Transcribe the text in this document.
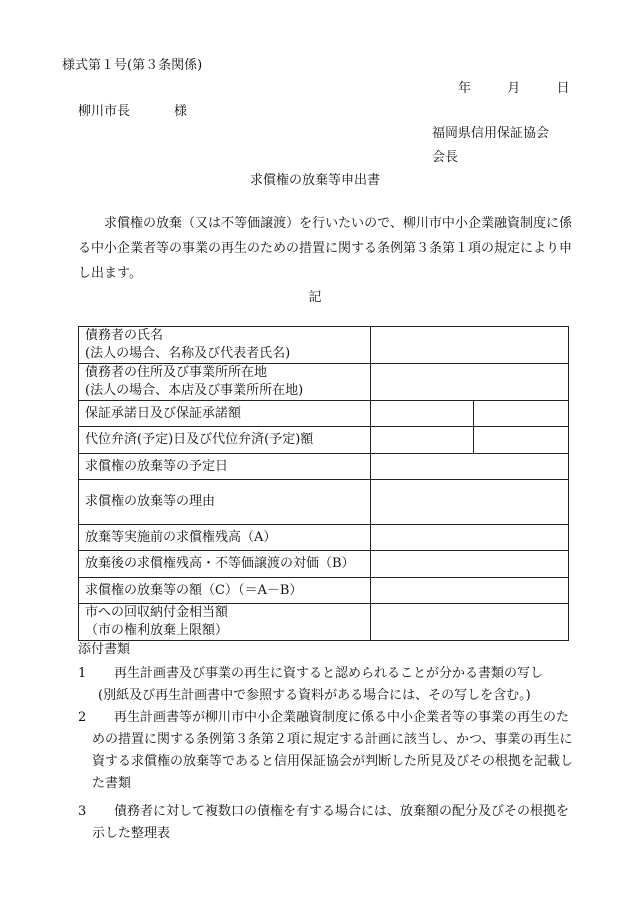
様式第１号(第３条関係)
年	月	日
柳川市長	様
福岡県信用保証協会
会長
求償権の放棄等申出書
求償権の放棄（又は不等価譲渡）を行いたいので、柳川市中小企業融資制度に係る中小企業者等の事業の再生のための措置に関する条例第３条第１項の規定により申し出ます。
記
債務者の氏名
(法人の場合、名称及び代表者氏名)		

債務者の住所及び事業所所在地
(法人の場合、本店及び事業所所在地)		

保証承諾日及び保証承諾額		
代位弁済(予定)日及び代位弁済(予定)額		
求償権の放棄等の予定日		
求償権の放棄等の理由		
放棄等実施前の求償権残高（A）		
放棄後の求償権残高・不等価譲渡の対価（B）		
求償権の放棄等の額（C）（＝A－B）		

市への回収納付金相当額
（市の権利放棄上限額）		

添付書類
1	再生計画書及び事業の再生に資すると認められることが分かる書類の写し
(別紙及び再生計画書中で参照する資料がある場合には、その写しを含む。)
2	再生計画書等が柳川市中小企業融資制度に係る中小企業者等の事業の再生のための措置に関する条例第３条第２項に規定する計画に該当し、かつ、事業の再生に資する求償権の放棄等であると信用保証協会が判断した所見及びその根拠を記載した書類
3	債務者に対して複数口の債権を有する場合には、放棄額の配分及びその根拠を示した整理表
